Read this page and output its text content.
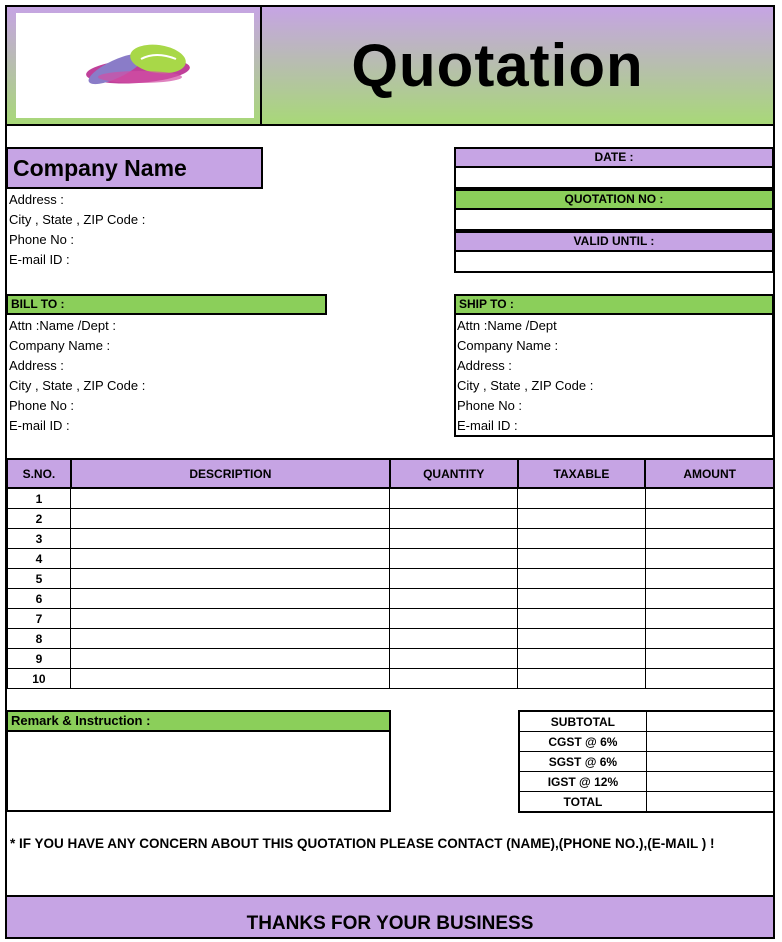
Quotation
Company Name
Address :
City , State , ZIP Code :
Phone No :
E-mail ID :
DATE :
QUOTATION NO :
VALID UNTIL :
BILL TO :
Attn :Name /Dept :
Company Name :
Address :
City , State , ZIP Code :
Phone No :
E-mail ID :
SHIP TO :
Attn :Name /Dept
Company Name :
Address :
City , State , ZIP Code :
Phone No :
E-mail ID :
S.NO.	DESCRIPTION	QUANTITY	TAXABLE	AMOUNT
1				
2				
3				
4				
5				
6				
7				
8				
9				
10				
Remark & Instruction :	SUBTOTAL	
CGST @ 6%	
SGST @ 6%	
IGST @ 12%	
TOTAL	
* IF YOU HAVE ANY CONCERN ABOUT THIS QUOTATION PLEASE CONTACT (NAME),(PHONE NO.),(E-MAIL ) !
THANKS FOR YOUR BUSINESS
